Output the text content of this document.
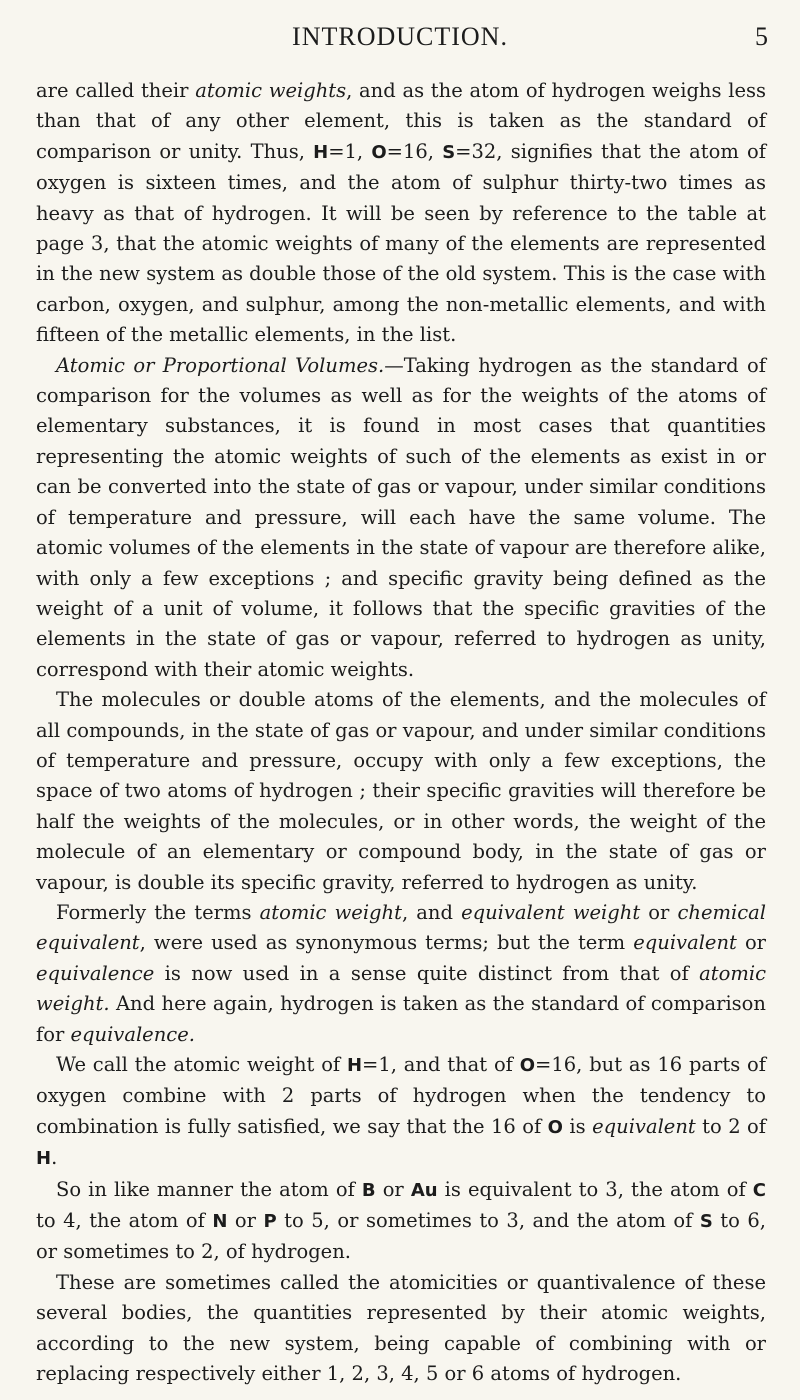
INTRODUCTION.	5

are called their atomic weights, and as the atom of hydrogen weighs less than that of any other element, this is taken as the standard of comparison or unity. Thus, H=1, O=16, S=32, signifies that the atom of oxygen is sixteen times, and the atom of sulphur thirty-two times as heavy as that of hydrogen. It will be seen by reference to the table at page 3, that the atomic weights of many of the elements are represented in the new system as double those of the old system. This is the case with carbon, oxygen, and sulphur, among the non-metallic elements, and with fifteen of the metallic elements, in the list.

Atomic or Proportional Volumes.—Taking hydrogen as the standard of comparison for the volumes as well as for the weights of the atoms of elementary substances, it is found in most cases that quantities representing the atomic weights of such of the elements as exist in or can be converted into the state of gas or vapour, under similar conditions of temperature and pressure, will each have the same volume. The atomic volumes of the elements in the state of vapour are therefore alike, with only a few exceptions ; and specific gravity being defined as the weight of a unit of volume, it follows that the specific gravities of the elements in the state of gas or vapour, referred to hydrogen as unity, correspond with their atomic weights.

The molecules or double atoms of the elements, and the molecules of all compounds, in the state of gas or vapour, and under similar conditions of temperature and pressure, occupy with only a few exceptions, the space of two atoms of hydrogen ; their specific gravities will therefore be half the weights of the molecules, or in other words, the weight of the molecule of an elementary or compound body, in the state of gas or vapour, is double its specific gravity, referred to hydrogen as unity.

Formerly the terms atomic weight, and equivalent weight or chemical equivalent, were used as synonymous terms; but the term equivalent or equivalence is now used in a sense quite distinct from that of atomic weight. And here again, hydrogen is taken as the standard of comparison for equivalence.

We call the atomic weight of H=1, and that of O=16, but as 16 parts of oxygen combine with 2 parts of hydrogen when the tendency to combination is fully satisfied, we say that the 16 of O is equivalent to 2 of H.

So in like manner the atom of B or Au is equivalent to 3, the atom of C to 4, the atom of N or P to 5, or sometimes to 3, and the atom of S to 6, or sometimes to 2, of hydrogen.

These are sometimes called the atomicities or quantivalence of these several bodies, the quantities represented by their atomic weights, according to the new system, being capable of combining with or replacing respectively either 1, 2, 3, 4, 5 or 6 atoms of hydrogen.
